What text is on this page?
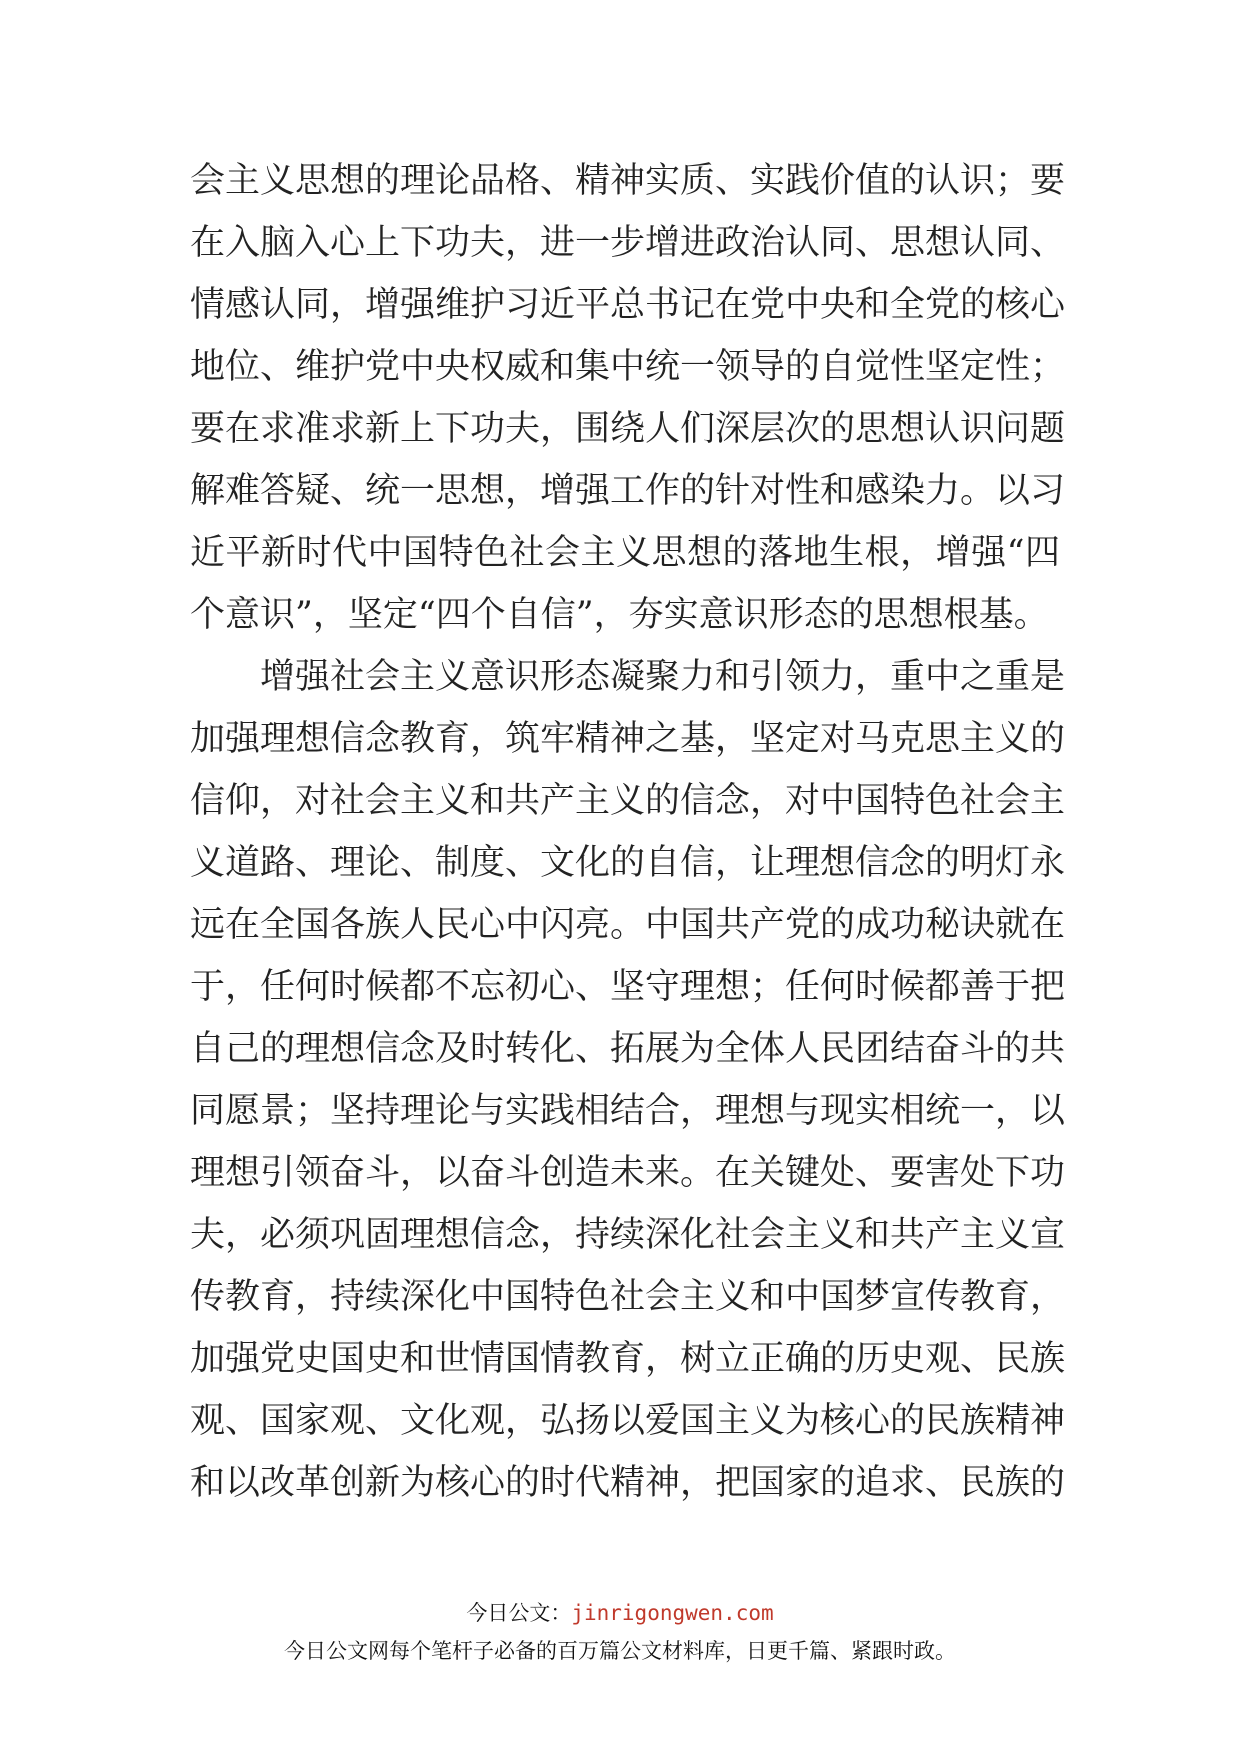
会主义思想的理论品格、精神实质、实践价值的认识；要
在入脑入心上下功夫，进一步增进政治认同、思想认同、
情感认同，增强维护习近平总书记在党中央和全党的核心
地位、维护党中央权威和集中统一领导的自觉性坚定性；
要在求准求新上下功夫，围绕人们深层次的思想认识问题
解难答疑、统一思想，增强工作的针对性和感染力。以习
近平新时代中国特色社会主义思想的落地生根，增强“四
个意识”，坚定“四个自信”，夯实意识形态的思想根基。
增强社会主义意识形态凝聚力和引领力，重中之重是
加强理想信念教育，筑牢精神之基，坚定对马克思主义的
信仰，对社会主义和共产主义的信念，对中国特色社会主
义道路、理论、制度、文化的自信，让理想信念的明灯永
远在全国各族人民心中闪亮。中国共产党的成功秘诀就在
于，任何时候都不忘初心、坚守理想；任何时候都善于把
自己的理想信念及时转化、拓展为全体人民团结奋斗的共
同愿景；坚持理论与实践相结合，理想与现实相统一，以
理想引领奋斗，以奋斗创造未来。在关键处、要害处下功
夫，必须巩固理想信念，持续深化社会主义和共产主义宣
传教育，持续深化中国特色社会主义和中国梦宣传教育，
加强党史国史和世情国情教育，树立正确的历史观、民族
观、国家观、文化观，弘扬以爱国主义为核心的民族精神
和以改革创新为核心的时代精神，把国家的追求、民族的
今日公文：jinrigongwen.com
今日公文网每个笔杆子必备的百万篇公文材料库，日更千篇、紧跟时政。
